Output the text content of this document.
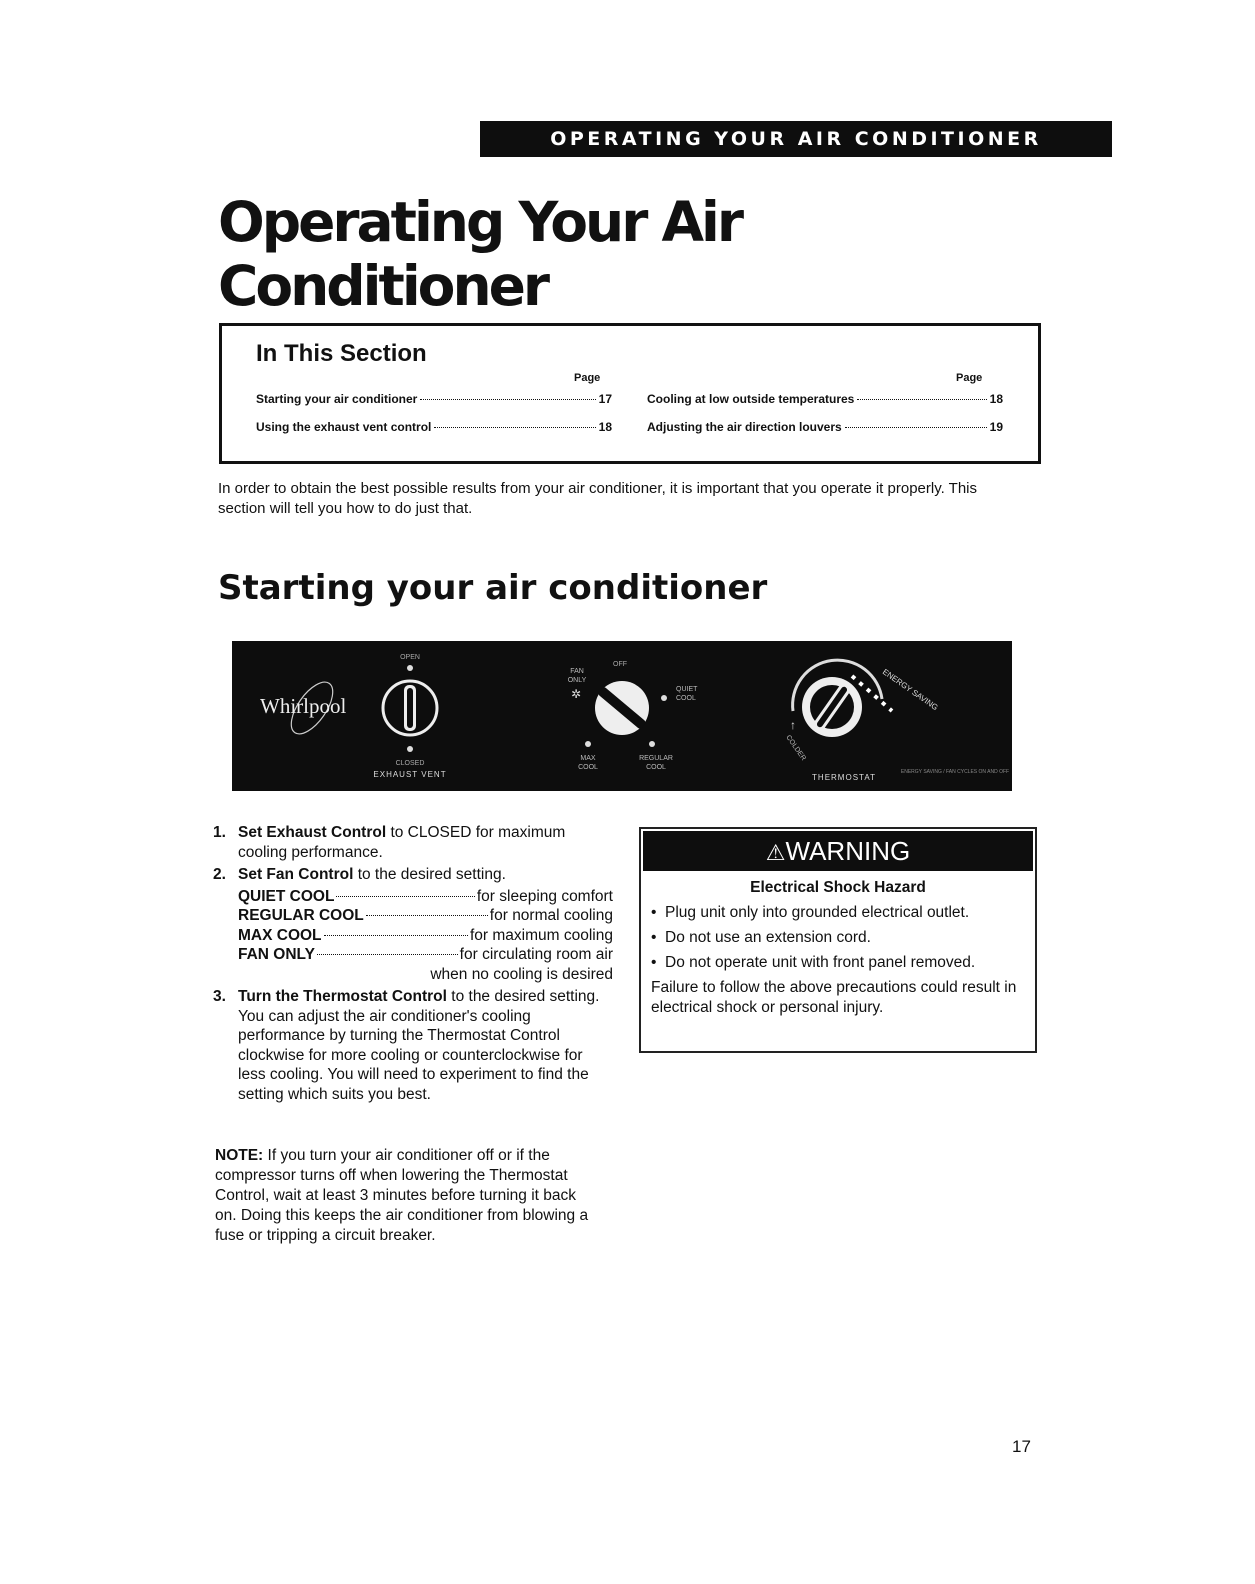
OPERATING YOUR AIR CONDITIONER
Operating Your Air
Conditioner
In This Section
Page	Page
Starting your air conditioner	17
Using the exhaust vent control	18
Cooling at low outside temperatures	18
Adjusting the air direction louvers	19

In order to obtain the best possible results from your air conditioner, it is important that you operate it properly. This section will tell you how to do just that.

Starting your air conditioner
Whirlpool
OPEN
CLOSED
EXHAUST VENT
OFF
FAN
ONLY
✲	QUIET
COOL
MAX
COOL
REGULAR
COOL
ENERGY SAVING
COLDER
↑
THERMOSTAT
ENERGY SAVING / FAN CYCLES ON AND OFF
1. Set Exhaust Control to CLOSED for maximum cooling performance.
2. Set Fan Control to the desired setting.
QUIET COOL	for sleeping comfort
REGULAR COOL	for normal cooling
MAX COOL	for maximum cooling
FAN ONLY	for circulating room air
when no cooling is desired
3. Turn the Thermostat Control to the desired setting. You can adjust the air conditioner's cooling performance by turning the Thermostat Control clockwise for more cooling or counterclockwise for less cooling. You will need to experiment to find the setting which suits you best.

NOTE: If you turn your air conditioner off or if the compressor turns off when lowering the Thermostat Control, wait at least 3 minutes before turning it back on. Doing this keeps the air conditioner from blowing a fuse or tripping a circuit breaker.

⚠WARNING
Electrical Shock Hazard
• Plug unit only into grounded electrical outlet.
• Do not use an extension cord.
• Do not operate unit with front panel removed.

Failure to follow the above precautions could result in electrical shock or personal injury.

17
